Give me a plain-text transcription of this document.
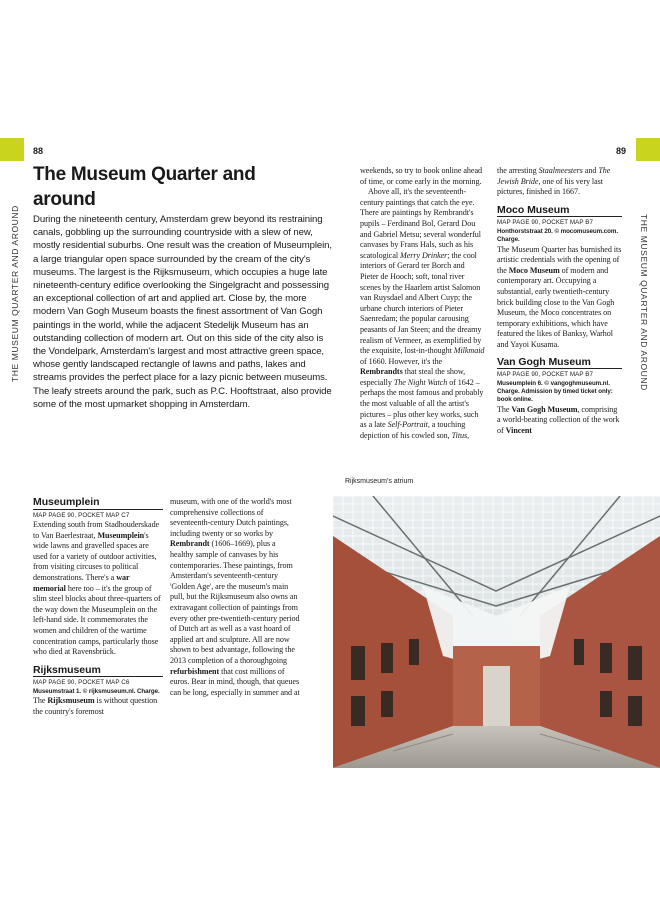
88	89
THE MUSEUM QUARTER AND AROUND	THE MUSEUM QUARTER AND AROUND
The Museum Quarter and
around
During the nineteenth century, Amsterdam grew beyond its restraining canals, gobbling up the surrounding countryside with a slew of new, mostly residential suburbs. One result was the creation of Museumplein, a large triangular open space surrounded by the cream of the city's museums. The largest is the Rijksmuseum, which occupies a huge late nineteenth-century edifice overlooking the Singelgracht and possessing an exceptional collection of art and applied art. Close by, the more modern Van Gogh Museum boasts the finest assortment of Van Gogh paintings in the world, while the adjacent Stedelijk Museum has an outstanding collection of modern art. Out on this side of the city also is the Vondelpark, Amsterdam's largest and most attractive green space, whose gently landscaped rectangle of lawns and paths, lakes and streams provides the perfect place for a lazy picnic between museums. The leafy streets around the park, such as P.C. Hooftstraat, also provide some of the most upmarket shopping in Amsterdam.
Museumplein
MAP PAGE 90, POCKET MAP C7

Extending south from Stadhouderskade to Van Baerlestraat, Museumplein's wide lawns and gravelled spaces are used for a variety of outdoor activities, from visiting circuses to political demonstrations. There's a war memorial here too – it's the group of slim steel blocks about three-quarters of the way down the Museumplein on the left-hand side. It commemorates the women and children of the wartime concentration camps, particularly those who died at Ravensbrück.

Rijksmuseum
MAP PAGE 90, POCKET MAP C6
Museumstraat 1. © rijksmuseum.nl. Charge.

The Rijksmuseum is without question the country's foremost

museum, with one of the world's most comprehensive collections of seventeenth-century Dutch paintings, including twenty or so works by Rembrandt (1606–1669), plus a healthy sample of canvases by his contemporaries. These paintings, from Amsterdam's seventeenth-century 'Golden Age', are the museum's main pull, but the Rijksmuseum also owns an extravagant collection of paintings from every other pre-twentieth-century period of Dutch art as well as a vast hoard of applied art and sculpture. All are now shown to best advantage, following the 2013 completion of a thoroughgoing refurbishment that cost millions of euros. Bear in mind, though, that queues can be long, especially in summer and at

weekends, so try to book online ahead of time, or come early in the morning.

Above all, it's the seventeenth-century paintings that catch the eye. There are paintings by Rembrandt's pupils – Ferdinand Bol, Gerard Dou and Gabriel Metsu; several wonderful canvases by Frans Hals, such as his scatological Merry Drinker; the cool interiors of Gerard ter Borch and Pieter de Hooch; soft, tonal river scenes by the Haarlem artist Salomon van Ruysdael and Albert Cuyp; the urbane church interiors of Pieter Saenredam; the popular carousing peasants of Jan Steen; and the dreamy realism of Vermeer, as exemplified by the exquisite, lost-in-thought Milkmaid of 1660. However, it's the Rembrandts that steal the show, especially The Night Watch of 1642 – perhaps the most famous and probably the most valuable of all the artist's pictures – plus other key works, such as a late Self-Portrait, a touching depiction of his cowled son, Titus,

the arresting Staalmeesters and The Jewish Bride, one of his very last pictures, finished in 1667.

Moco Museum
MAP PAGE 90, POCKET MAP B7
Honthorststraat 20. © mocomuseum.com. Charge.

The Museum Quarter has burnished its artistic credentials with the opening of the Moco Museum of modern and contemporary art. Occupying a substantial, early twentieth-century brick building close to the Van Gogh Museum, the Moco concentrates on temporary exhibitions, which have featured the likes of Banksy, Warhol and Yayoi Kusama.

Van Gogh Museum
MAP PAGE 90, POCKET MAP B7
Museumplein 6. © vangoghmuseum.nl. Charge. Admission by timed ticket only: book online.

The Van Gogh Museum, comprising a world-beating collection of the work of Vincent

Rijksmuseum's atrium
